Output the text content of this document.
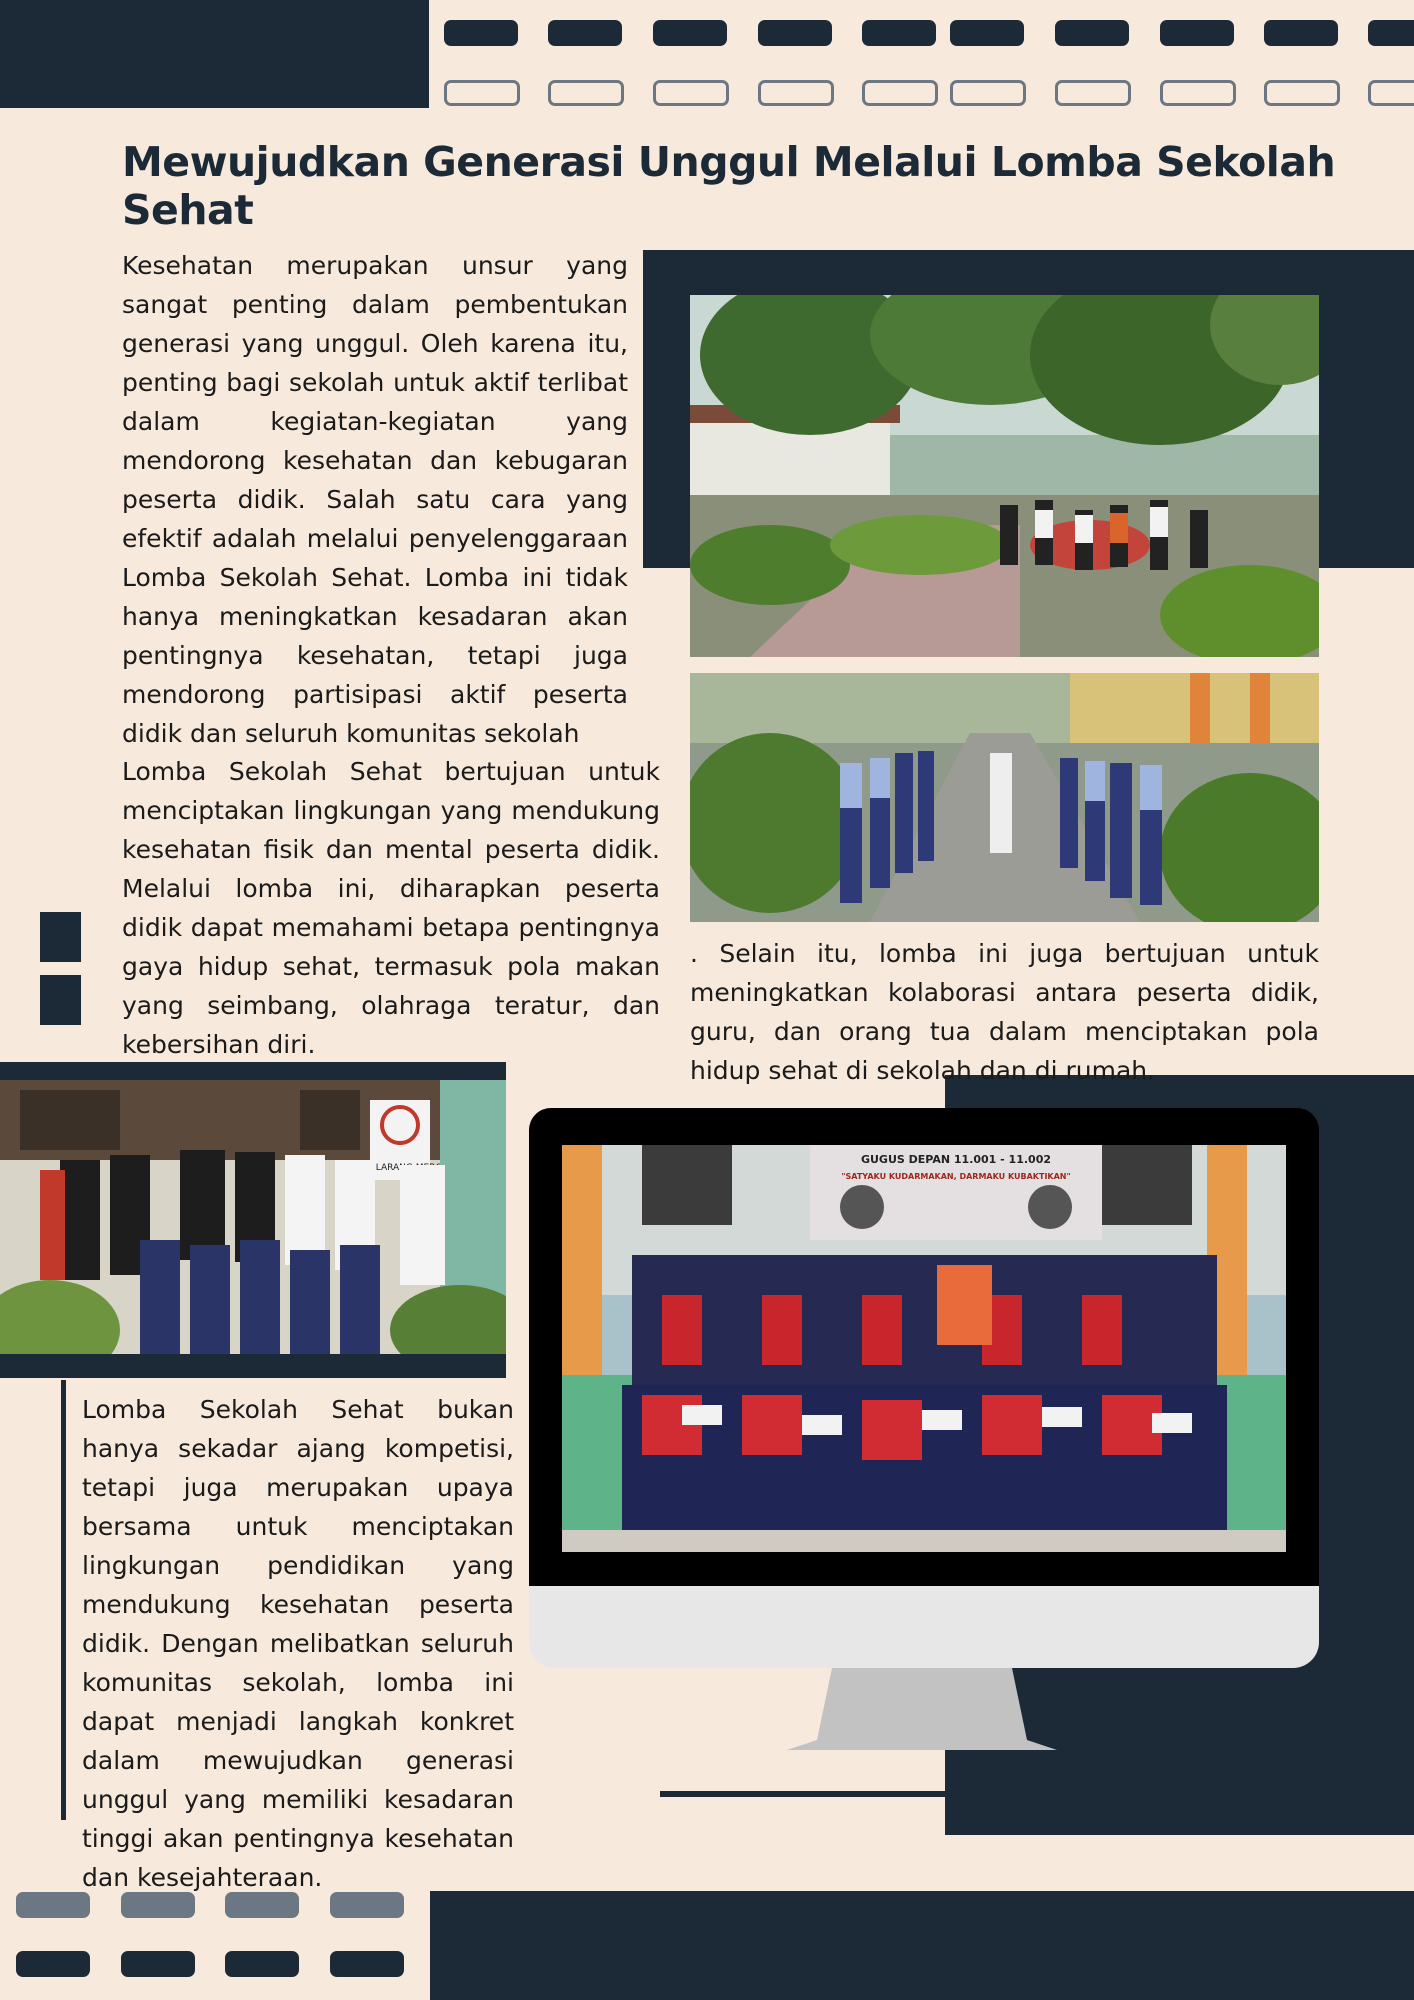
Mewujudkan Generasi Unggul Melalui Lomba Sekolah Sehat

Kesehatan merupakan unsur yang sangat penting dalam pembentukan generasi yang unggul. Oleh karena itu, penting bagi sekolah untuk aktif terlibat dalam kegiatan-kegiatan yang mendorong kesehatan dan kebugaran peserta didik. Salah satu cara yang efektif adalah melalui penyelenggaraan Lomba Sekolah Sehat. Lomba ini tidak hanya meningkatkan kesadaran akan pentingnya kesehatan, tetapi juga mendorong partisipasi aktif peserta didik dan seluruh komunitas sekolah

Lomba Sekolah Sehat bertujuan untuk menciptakan lingkungan yang mendukung kesehatan fisik dan mental peserta didik. Melalui lomba ini, diharapkan peserta didik dapat memahami betapa pentingnya gaya hidup sehat, termasuk pola makan yang seimbang, olahraga teratur, dan kebersihan diri.

. Selain itu, lomba ini juga bertujuan untuk meningkatkan kolaborasi antara peserta didik, guru, dan orang tua dalam menciptakan pola hidup sehat di sekolah dan di rumah.

DILARANG

Lomba Sekolah Sehat bukan hanya sekadar ajang kompetisi, tetapi juga merupakan upaya bersama untuk menciptakan lingkungan pendidikan yang mendukung kesehatan peserta didik. Dengan melibatkan seluruh komunitas sekolah, lomba ini dapat menjadi langkah konkret dalam mewujudkan generasi unggul yang memiliki kesadaran tinggi akan pentingnya kesehatan dan kesejahteraan.

GUGUS DEPAN 11.001 - 11.002
"SATYAKU KUDARMAKAN, DARMAKU KUBAKTIKAN"
